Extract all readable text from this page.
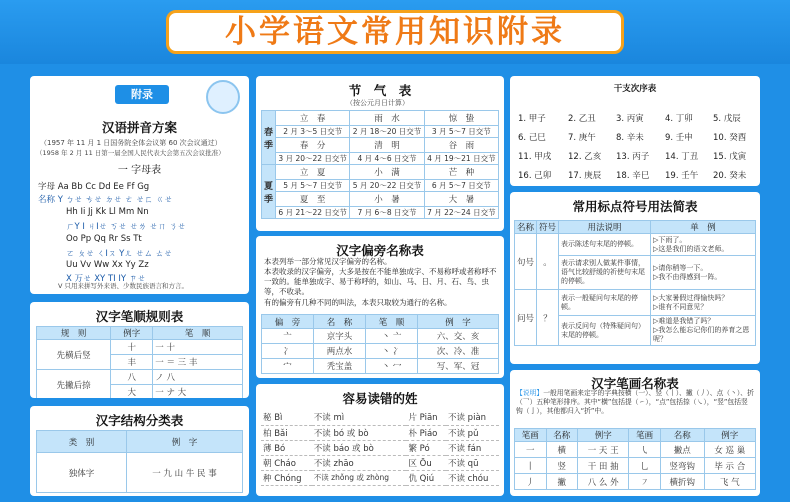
小学语文常用知识附录
附录
汉语拼音方案
（1957 年 11 月 1 日国务院全体会议第 60 次会议通过）
（1958 年 2 月 11 日第一届全国人民代表大会第五次会议批准）
一 字母表
字母 Aa Bb Cc Dd Ee Ff Gg
名称 Y ㄅㄝ ㄘㄝ ㄉㄝ ㄜ ㄝㄈ ㄍㄝ
Hh Ii Jj Kk Ll Mm Nn
ㄏY I ㄐIㄝ ㄎㄝ ㄝㄌ ㄝㄇ ㄋㄝ
Oo Pp Qq Rr Ss Tt
ㄛ ㄆㄝ ㄑIㄡ Yㄦ ㄝㄙ ㄊㄝ
Uu Vv Ww Xx Yy Zz
X 万ㄝ XY TI IY ㄗㄝ
V 只用来拼写外来语、少数民族语言和方言。
汉字笔顺规则表
规　则	例字	笔　顺
先横后竖	十	一 十
	丰	一 ＝ 三 丰
先撇后捺	八	ノ 八
	大	一 ナ 大
汉字结构分类表
类　别	例　字
独体字	一 九 山 牛 民 事
节　气　表
（按公元月日计算）
春季	立　春	雨　水	惊　蛰
	2 月 3～5 日交节	2 月 18～20 日交节	3 月 5～7 日交节
	春　分	清　明	谷　雨
	3 月 20～22 日交节	4 月 4～6 日交节	4 月 19～21 日交节
夏季	立　夏	小　满	芒　种
	5 月 5～7 日交节	5 月 20～22 日交节	6 月 5～7 日交节
	夏　至	小　暑	大　暑
	6 月 21～22 日交节	7 月 6～8 日交节	7 月 22～24 日交节
汉字偏旁名称表
本表列举一部分常见汉字偏旁的名称。
本表收录的汉字偏旁，大多是按在不能单独成字、不易称呼或者称呼不一致的。能单独成字、易于称呼的，如山、马、日、月、石、鸟、虫等，不收录。
有的偏旁有几种不同的叫法，本表只取较为通行的名称。
偏　旁	名　称	笔　顺	例　字
亠	京字头	丶 亠	六、交、亥
冫	两点水	丶 冫	次、冷、准
宀	秃宝盖	丶 冖	写、军、冠
容易读错的姓
秘 Bì	不读 mì	片 Piān	不读 piàn
柏 Bǎi	不读 bó 或 bò	朴 Piáo	不读 pǔ
薄 Bó	不读 báo 或 bò	繁 Pó	不读 fán
朝 Cháo	不读 zhāo	区 Ōu	不读 qū
种 Chóng	不读 zhǒng 或 zhòng	仇 Qiú	不读 chóu
干支次序表
1. 甲子	2. 乙丑 3. 丙寅 4. 丁卯 5. 戊辰
6. 己巳	7. 庚午 8. 辛未 9. 壬申 10. 癸酉
11. 甲戌 12. 乙亥 13. 丙子 14. 丁丑 15. 戊寅
16. 己卯 17. 庚辰 18. 辛巳 19. 壬午 20. 癸未
常用标点符号用法简表
名称	符号	用法说明	单　例
句号	。	表示陈述句末尾的停顿。	▷下雨了。
▷这是我们的语文老师。
		表示请求别人做某件事情，语气比较舒缓的祈使句末尾的停顿。	▷请你稍等一下。
▷我不由得感到一阵。
问号	？	表示一般疑问句末尾的停顿。	▷大家暑假过得愉快吗？
▷谁有不同意见？
		表示反问句（特殊疑问句）末尾的停顿。	▷难道是我错了吗？
▷我怎么能忘记你们的养育之恩呢？
汉字笔画名称表
【说明】一般用笔画来定字的字典按横（一）、竖（丨）、撇（丿）、点（丶）、折（乛）五种笔形排序。其中“横”包括提（㇀），“点”包括捺（㇏），“竖”包括竖钩（亅），其他都归入“折”中。
笔画	名称	例字	笔画	名称	例字
一	横	一 天 王	㇂	撇点	女 巡 巢
丨	竖	干 田 抽	乚	竖弯钩	毕 示 合
丿	撇	八 么 外	㇇	横折钩	飞 气
